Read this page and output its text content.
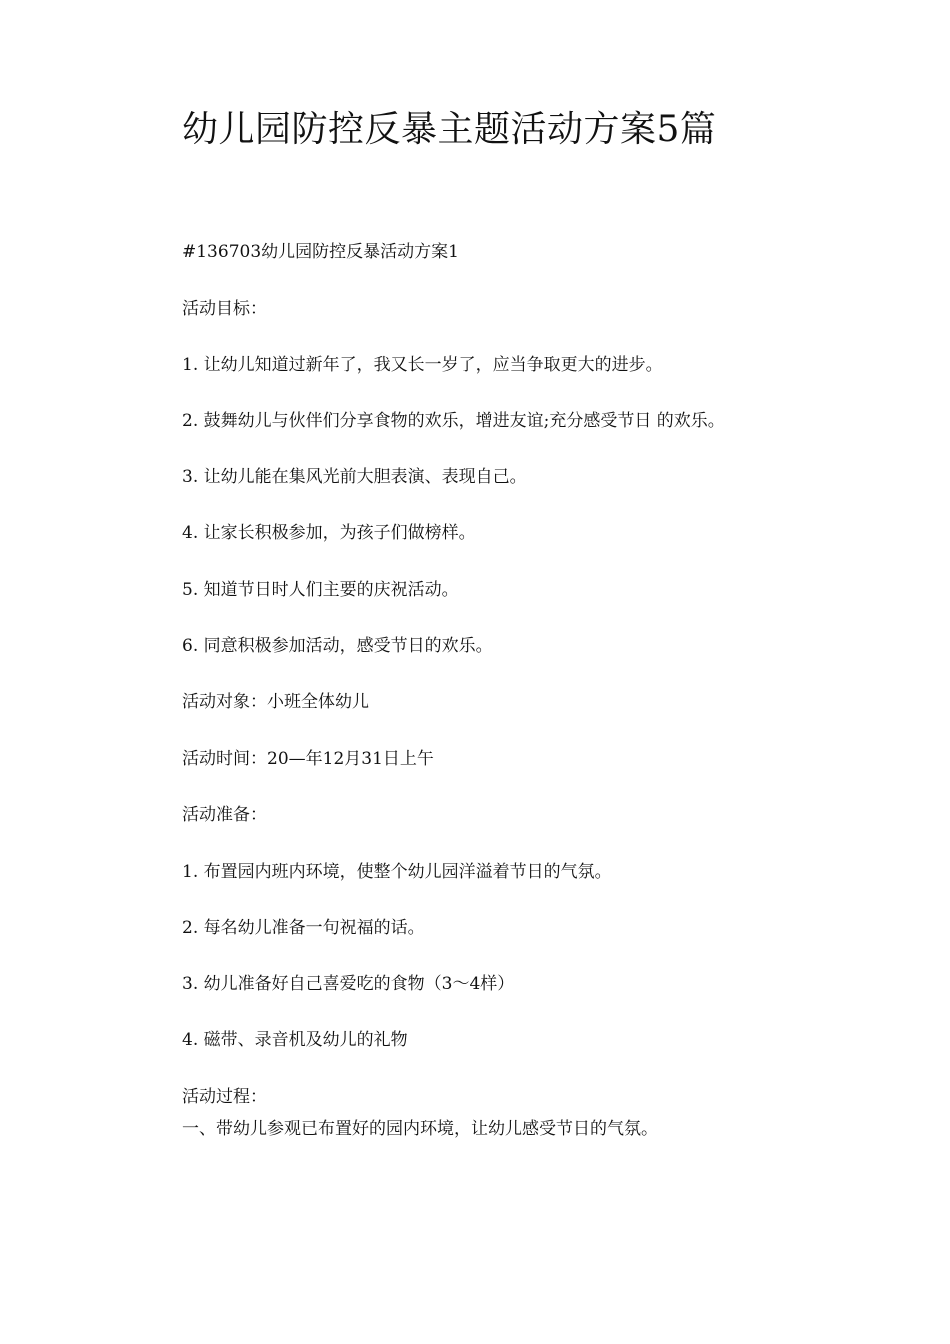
幼儿园防控反暴主题活动方案5篇

#136703幼儿园防控反暴活动方案1

活动目标：

1. 让幼儿知道过新年了，我又长一岁了，应当争取更大的进步。

2. 鼓舞幼儿与伙伴们分享食物的欢乐，增进友谊;充分感受节日 的欢乐。

3. 让幼儿能在集风光前大胆表演、表现自己。

4. 让家长积极参加，为孩子们做榜样。

5. 知道节日时人们主要的庆祝活动。

6. 同意积极参加活动，感受节日的欢乐。

活动对象：小班全体幼儿

活动时间：20—年12月31日上午

活动准备：

1. 布置园内班内环境，使整个幼儿园洋溢着节日的气氛。

2. 每名幼儿准备一句祝福的话。

3. 幼儿准备好自己喜爱吃的食物（3〜4样）

4. 磁带、录音机及幼儿的礼物

活动过程：

一、带幼儿参观已布置好的园内环境，让幼儿感受节日的气氛。
